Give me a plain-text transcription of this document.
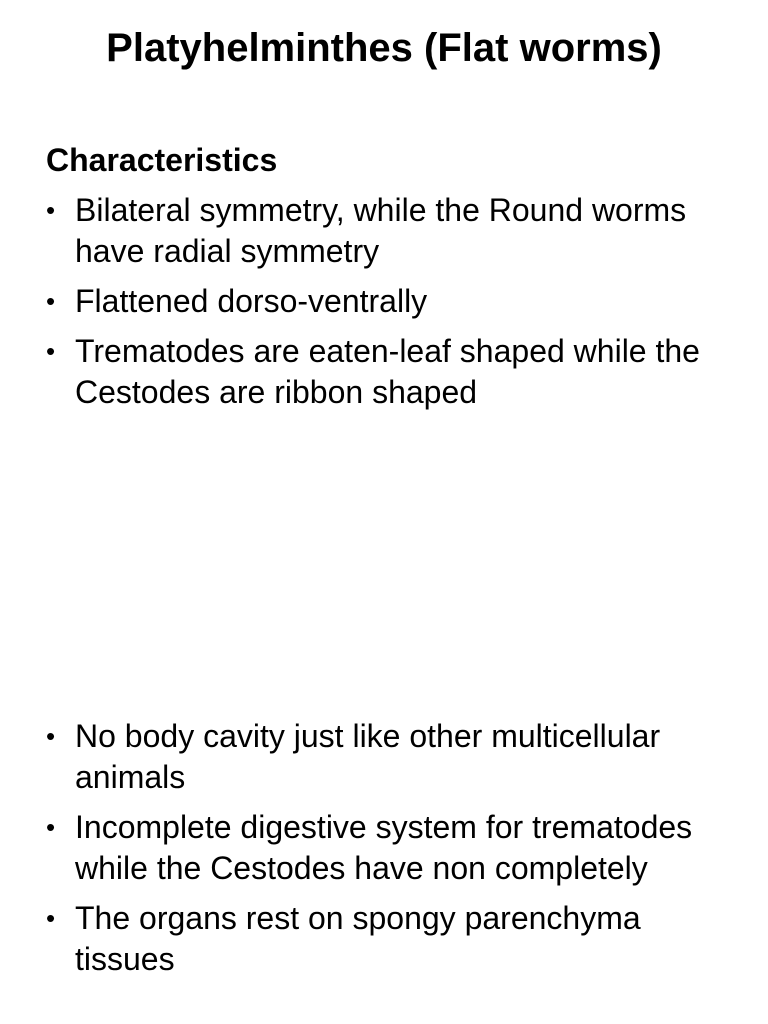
Platyhelminthes (Flat worms)
Characteristics
• Bilateral symmetry, while the Round worms have radial symmetry
• Flattened dorso-ventrally
• Trematodes are eaten-leaf shaped while the Cestodes are ribbon shaped
• No body cavity just like other multicellular animals
• Incomplete digestive system for trematodes while the Cestodes have non completely
• The organs rest on spongy parenchyma tissues
